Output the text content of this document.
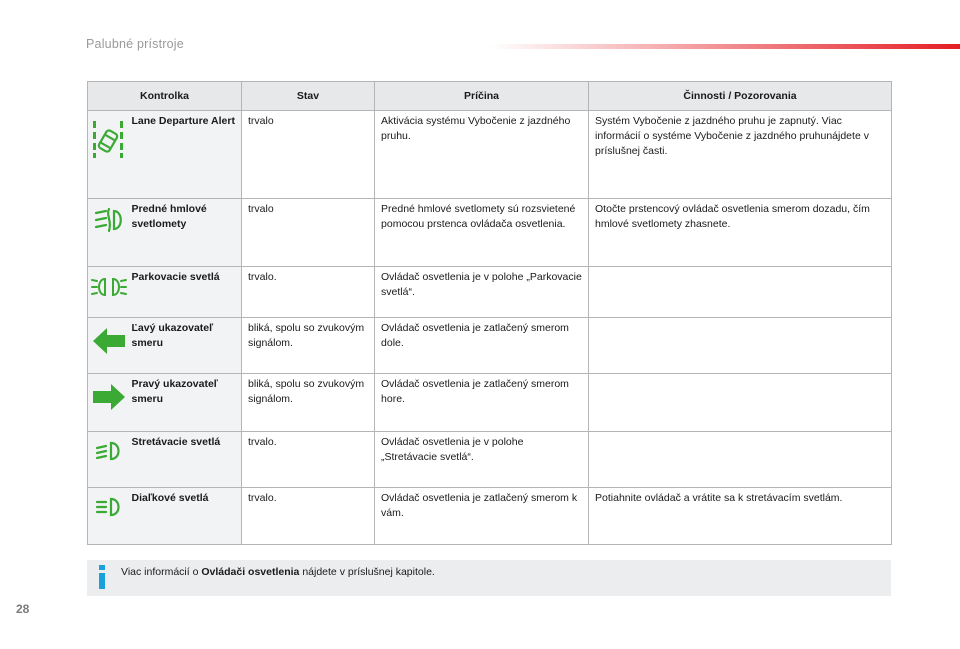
Palubné prístroje
Kontrolka		Stav	Príčina	Činnosti / Pozorovania
	Lane Departure Alert	trvalo	Aktivácia systému Vybočenie z jazdného pruhu.	Systém Vybočenie z jazdného pruhu je zapnutý. Viac informácií o systéme Vybočenie z jazdného pruhunájdete v príslušnej časti.
	Predné hmlové svetlomety	trvalo	Predné hmlové svetlomety sú rozsvietené pomocou prstenca ovládača osvetlenia.	Otočte prstencový ovládač osvetlenia smerom dozadu, čím hmlové svetlomety zhasnete.
	Parkovacie svetlá	trvalo.	Ovládač osvetlenia je v polohe „Parkovacie svetlá“.	
	Ľavý ukazovateľ smeru	bliká, spolu so zvukovým signálom.	Ovládač osvetlenia je zatlačený smerom dole.	
	Pravý ukazovateľ smeru	bliká, spolu so zvukovým signálom.	Ovládač osvetlenia je zatlačený smerom hore.	
	Stretávacie svetlá	trvalo.	Ovládač osvetlenia je v polohe „Stretávacie svetlá“.	
	Diaľkové svetlá	trvalo.	Ovládač osvetlenia je zatlačený smerom k vám.	Potiahnite ovládač a vrátite sa k stretávacím svetlám.
Viac informácií o Ovládači osvetlenia nájdete v príslušnej kapitole.
28
